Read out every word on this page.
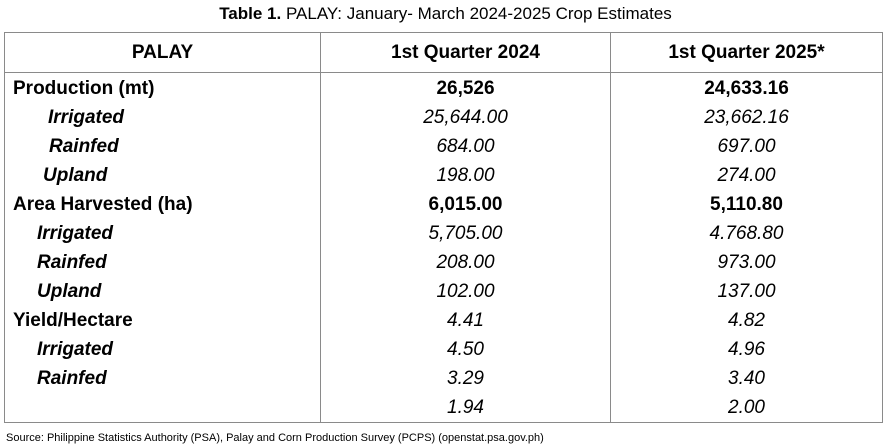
Table 1. PALAY: January- March 2024-2025 Crop Estimates
PALAY	1st Quarter 2024	1st Quarter 2025*
Production (mt)	26,526	24,633.16
Irrigated	25,644.00	23,662.16
Rainfed	684.00	697.00
Upland	198.00	274.00
Area Harvested (ha)	6,015.00	5,110.80
Irrigated	5,705.00	4.768.80
Rainfed	208.00	973.00
Upland	102.00	137.00
Yield/Hectare	4.41	4.82
Irrigated	4.50	4.96
Rainfed	3.29	3.40
	1.94	2.00
Source: Philippine Statistics Authority (PSA), Palay and Corn Production Survey (PCPS) (openstat.psa.gov.ph)
